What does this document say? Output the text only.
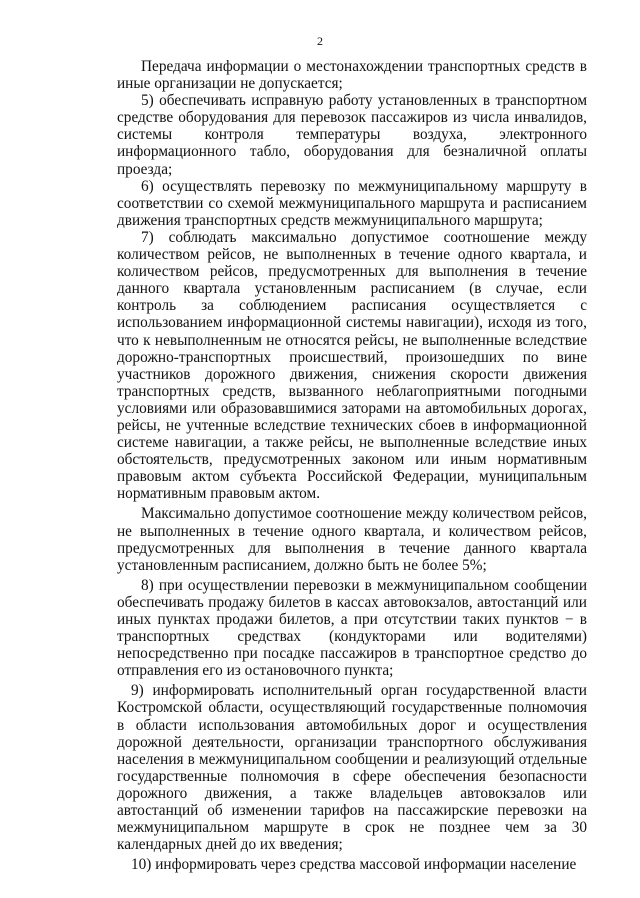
2

Передача информации о местонахождении транспортных средств в иные организации не допускается;

5) обеспечивать исправную работу установленных в транспортном средстве оборудования для перевозок пассажиров из числа инвалидов, системы контроля температуры воздуха, электронного информационного табло, оборудования для безналичной оплаты проезда;

6) осуществлять перевозку по межмуниципальному маршруту в соответствии со схемой межмуниципального маршрута и расписанием движения транспортных средств межмуниципального маршрута;

7) соблюдать максимально допустимое соотношение между количеством рейсов, не выполненных в течение одного квартала, и количеством рейсов, предусмотренных для выполнения в течение данного квартала установленным расписанием (в случае, если контроль за соблюдением расписания осуществляется с использованием информационной системы навигации), исходя из того, что к невыполненным не относятся рейсы, не выполненные вследствие дорожно-транспортных происшествий, произошедших по вине участников дорожного движения, снижения скорости движения транспортных средств, вызванного неблагоприятными погодными условиями или образовавшимися заторами на автомобильных дорогах, рейсы, не учтенные вследствие технических сбоев в информационной системе навигации, а также рейсы, не выполненные вследствие иных обстоятельств, предусмотренных законом или иным нормативным правовым актом субъекта Российской Федерации, муниципальным нормативным правовым актом.

Максимально допустимое соотношение между количеством рейсов, не выполненных в течение одного квартала, и количеством рейсов, предусмотренных для выполнения в течение данного квартала установленным расписанием, должно быть не более 5%;

8) при осуществлении перевозки в межмуниципальном сообщении обеспечивать продажу билетов в кассах автовокзалов, автостанций или иных пунктах продажи билетов, а при отсутствии таких пунктов − в транспортных средствах (кондукторами или водителями) непосредственно при посадке пассажиров в транспортное средство до отправления его из остановочного пункта;

9) информировать исполнительный орган государственной власти Костромской области, осуществляющий государственные полномочия в области использования автомобильных дорог и осуществления дорожной деятельности, организации транспортного обслуживания населения в межмуниципальном сообщении и реализующий отдельные государственные полномочия в сфере обеспечения безопасности дорожного движения, а также владельцев автовокзалов или автостанций об изменении тарифов на пассажирские перевозки на межмуниципальном маршруте в срок не позднее чем за 30 календарных дней до их введения;

10) информировать через средства массовой информации население
